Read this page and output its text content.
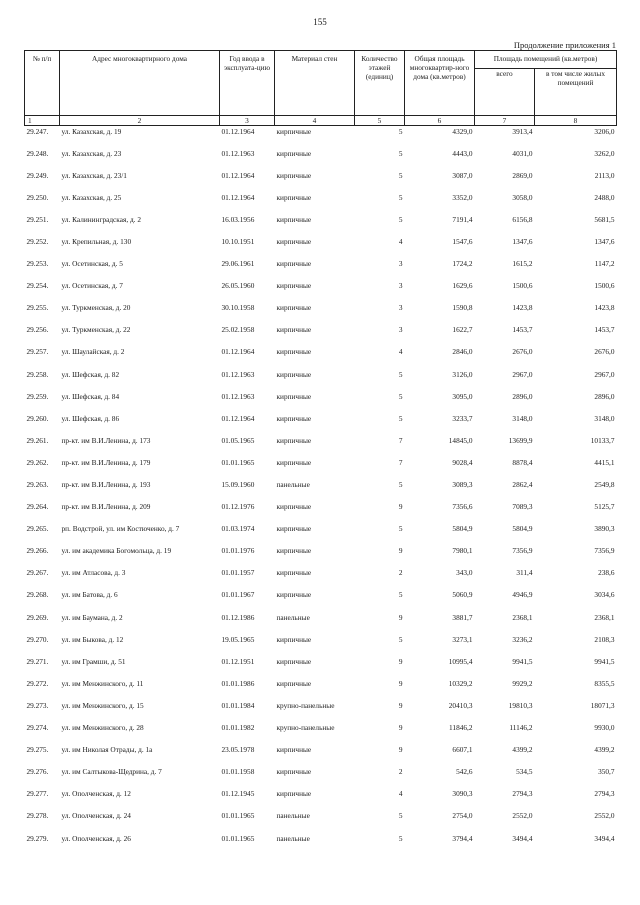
155
Продолжение приложения 1
№ п/п	Адрес многоквартирного дома	Год ввода в эксплуата-цию	Материал стен	Количество этажей (единиц)	Общая площадь многоквартир-ного дома (кв.метров)	Площадь помещений (кв.метров)	
						всего	в том числе жилых помещений
1	2	3	4	5	6	7	8
29.247.	ул. Казахская, д. 19	01.12.1964	кирпичные	5	4329,0	3913,4	3206,0
29.248.	ул. Казахская, д. 23	01.12.1963	кирпичные	5	4443,0	4031,0	3262,0
29.249.	ул. Казахская, д. 23/1	01.12.1964	кирпичные	5	3087,0	2869,0	2113,0
29.250.	ул. Казахская, д. 25	01.12.1964	кирпичные	5	3352,0	3058,0	2488,0
29.251.	ул. Калининградская, д. 2	16.03.1956	кирпичные	5	7191,4	6156,8	5681,5
29.252.	ул. Крепильная, д. 130	10.10.1951	кирпичные	4	1547,6	1347,6	1347,6
29.253.	ул. Осетинская, д. 5	29.06.1961	кирпичные	3	1724,2	1615,2	1147,2
29.254.	ул. Осетинская, д. 7	26.05.1960	кирпичные	3	1629,6	1500,6	1500,6
29.255.	ул. Туркменская, д. 20	30.10.1958	кирпичные	3	1590,8	1423,8	1423,8
29.256.	ул. Туркменская, д. 22	25.02.1958	кирпичные	3	1622,7	1453,7	1453,7
29.257.	ул. Шаулайская, д. 2	01.12.1964	кирпичные	4	2846,0	2676,0	2676,0
29.258.	ул. Шефская, д. 82	01.12.1963	кирпичные	5	3126,0	2967,0	2967,0
29.259.	ул. Шефская, д. 84	01.12.1963	кирпичные	5	3095,0	2896,0	2896,0
29.260.	ул. Шефская, д. 86	01.12.1964	кирпичные	5	3233,7	3148,0	3148,0
29.261.	пр-кт. им В.И.Ленина, д. 173	01.05.1965	кирпичные	7	14845,0	13699,9	10133,7
29.262.	пр-кт. им В.И.Ленина, д. 179	01.01.1965	кирпичные	7	9028,4	8878,4	4415,1
29.263.	пр-кт. им В.И.Ленина, д. 193	15.09.1960	панельные	5	3089,3	2862,4	2549,8
29.264.	пр-кт. им В.И.Ленина, д. 209	01.12.1976	кирпичные	9	7356,6	7089,3	5125,7
29.265.	рп. Водстрой, ул. им Костюченко, д. 7	01.03.1974	кирпичные	5	5804,9	5804,9	3890,3
29.266.	ул. им академика Богомольца, д. 19	01.01.1976	кирпичные	9	7980,1	7356,9	7356,9
29.267.	ул. им Атласова, д. 3	01.01.1957	кирпичные	2	343,0	311,4	238,6
29.268.	ул. им Батова, д. 6	01.01.1967	кирпичные	5	5060,9	4946,9	3034,6
29.269.	ул. им Баумана, д. 2	01.12.1986	панельные	9	3881,7	2368,1	2368,1
29.270.	ул. им Быкова, д. 12	19.05.1965	кирпичные	5	3273,1	3236,2	2108,3
29.271.	ул. им Грамши, д. 51	01.12.1951	кирпичные	9	10995,4	9941,5	9941,5
29.272.	ул. им Менжинского, д. 11	01.01.1986	кирпичные	9	10329,2	9929,2	8355,5
29.273.	ул. им Менжинского, д. 15	01.01.1984	крупно-панельные	9	20410,3	19810,3	18071,3
29.274.	ул. им Менжинского, д. 28	01.01.1982	крупно-панельные	9	11846,2	11146,2	9930,0
29.275.	ул. им Николая Отрады, д. 1а	23.05.1978	кирпичные	9	6607,1	4399,2	4399,2
29.276.	ул. им Салтыкова-Щедрина, д. 7	01.01.1958	кирпичные	2	542,6	534,5	350,7
29.277.	ул. Ополченская, д. 12	01.12.1945	кирпичные	4	3090,3	2794,3	2794,3
29.278.	ул. Ополченская, д. 24	01.01.1965	панельные	5	2754,0	2552,0	2552,0
29.279.	ул. Ополченская, д. 26	01.01.1965	панельные	5	3794,4	3494,4	3494,4
